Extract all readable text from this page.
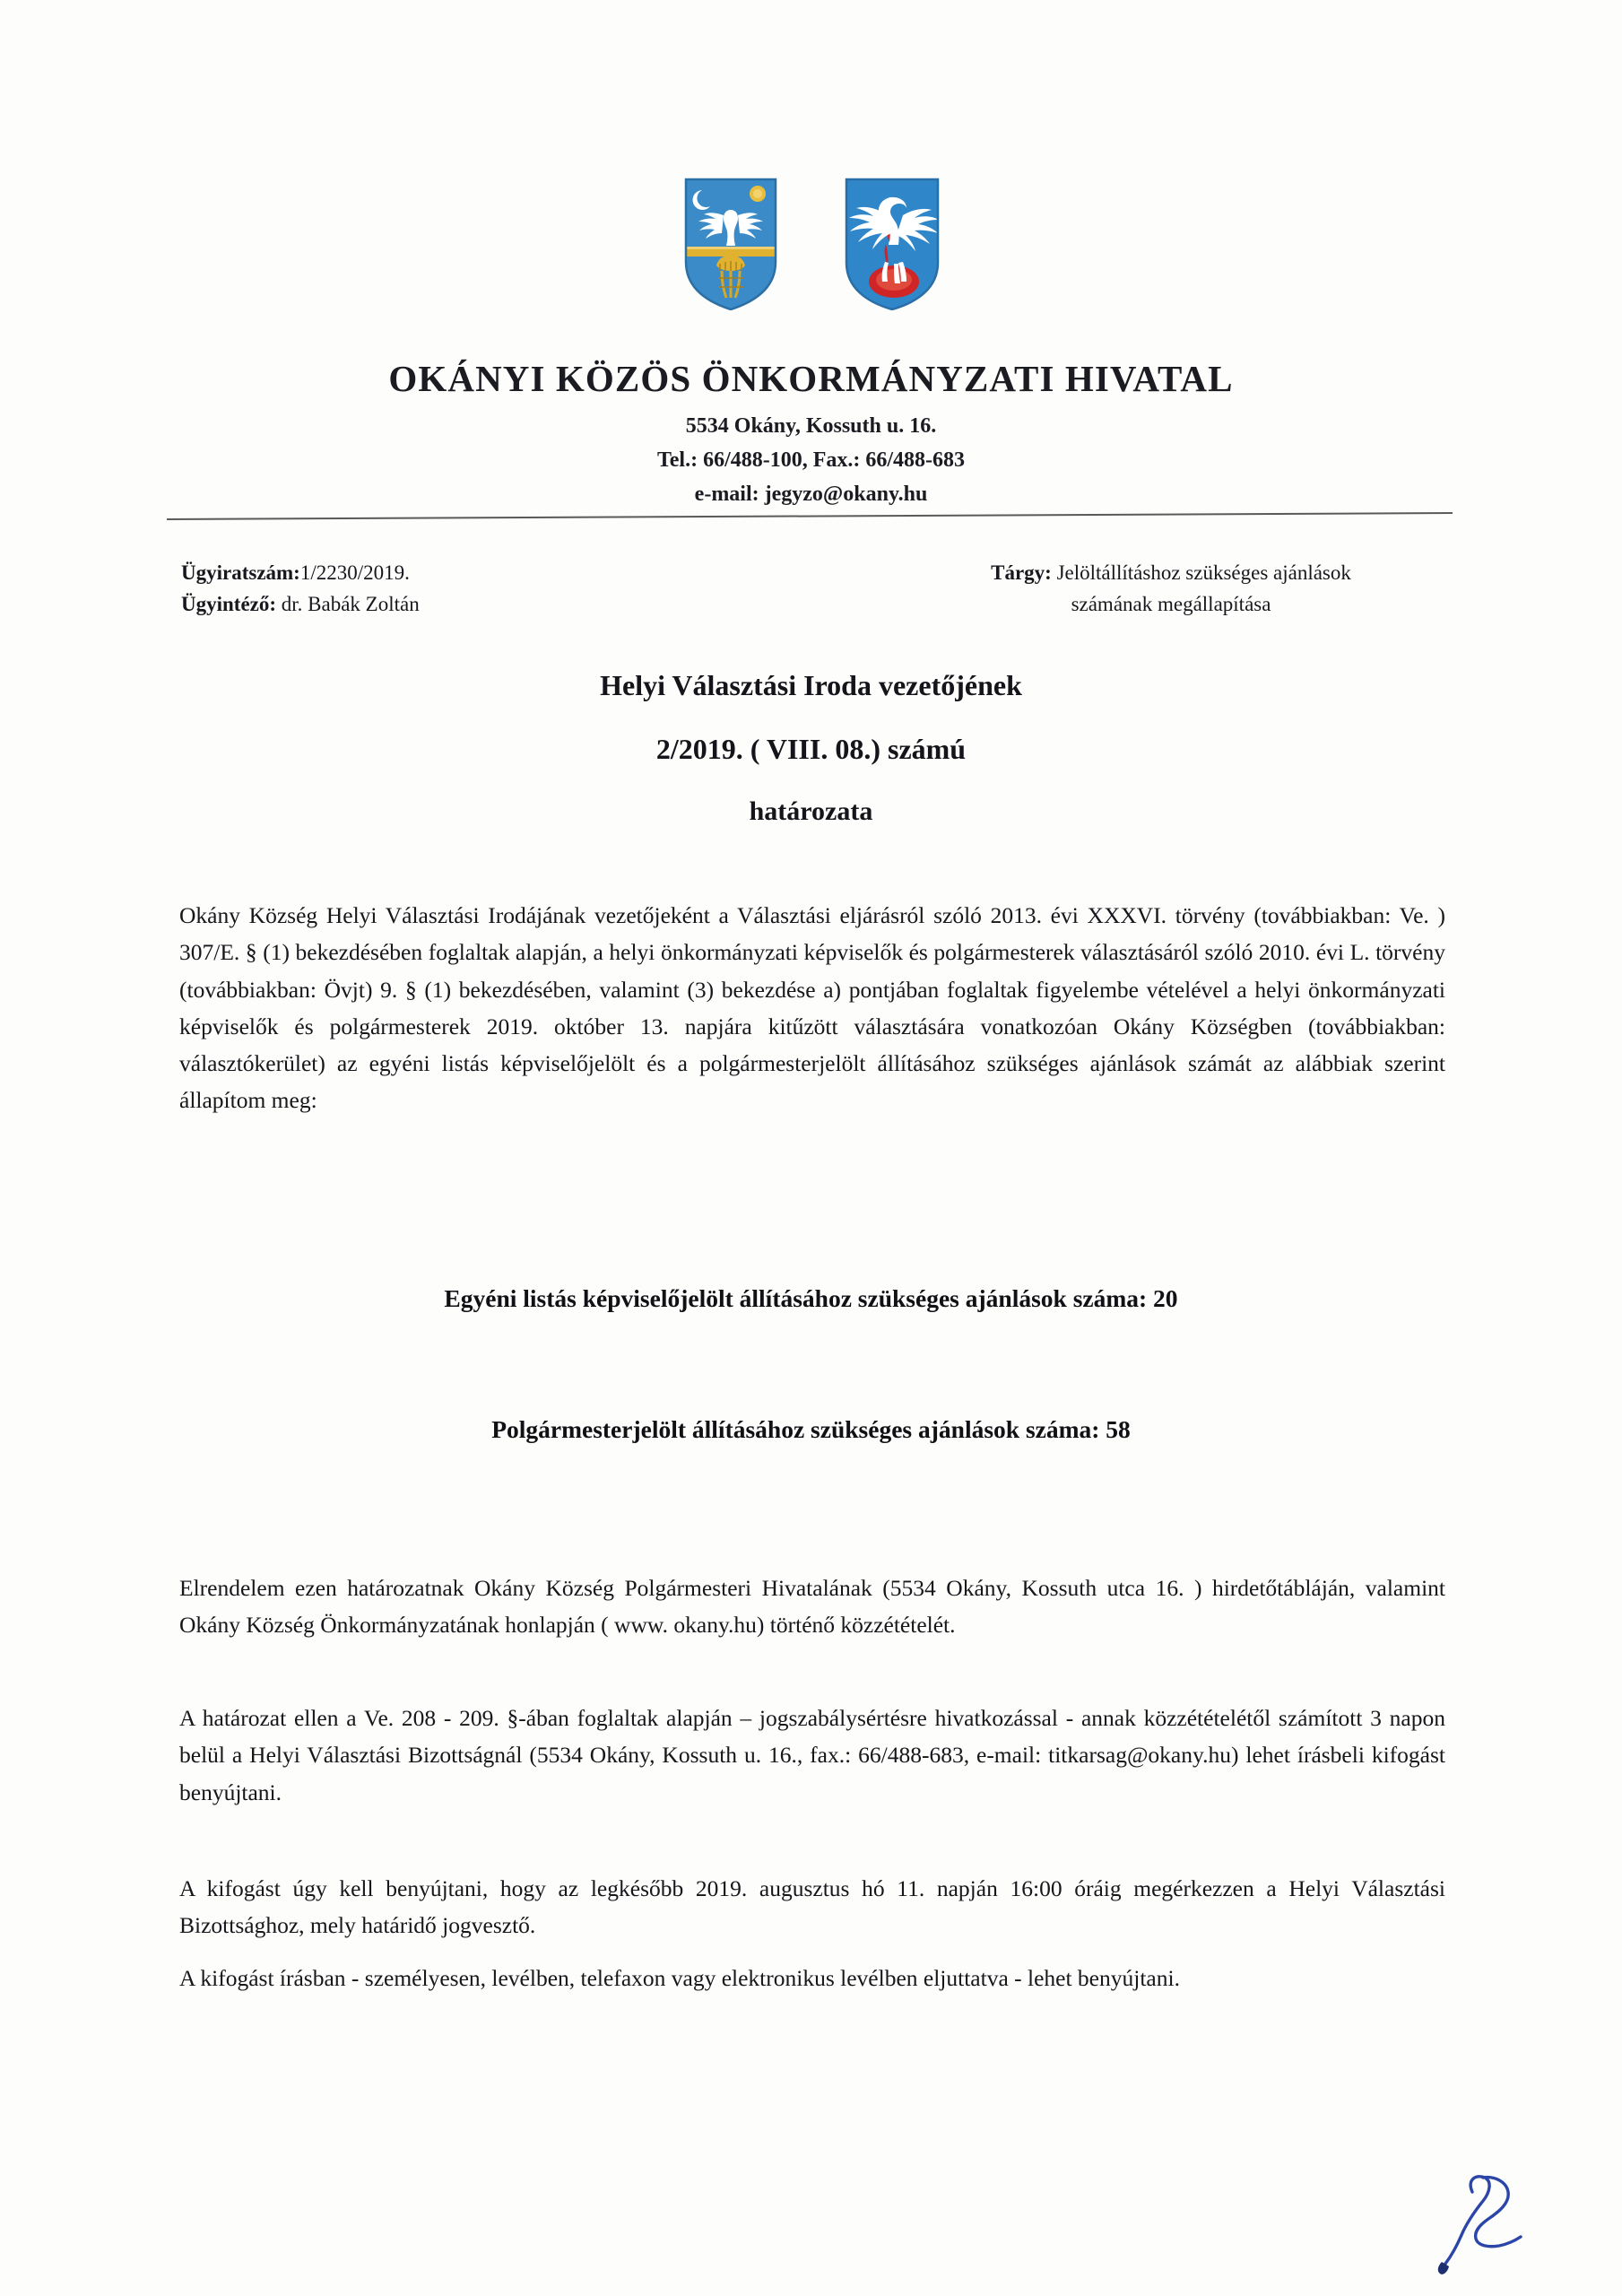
OKÁNYI KÖZÖS ÖNKORMÁNYZATI HIVATAL
5534 Okány, Kossuth u. 16.
Tel.: 66/488-100, Fax.: 66/488-683
e-mail: jegyzo@okany.hu
Ügyiratszám:1/2230/2019.
Ügyintéző: dr. Babák Zoltán
Tárgy: Jelöltállításhoz szükséges ajánlások
számának megállapítása
Helyi Választási Iroda vezetőjének
2/2019. ( VIII. 08.) számú
határozata
Okány Község Helyi Választási Irodájának vezetőjeként a Választási eljárásról szóló 2013. évi XXXVI. törvény (továbbiakban: Ve. ) 307/E. § (1) bekezdésében foglaltak alapján, a helyi önkormányzati képviselők és polgármesterek választásáról szóló 2010. évi L. törvény (továbbiakban: Övjt) 9. § (1) bekezdésében, valamint (3) bekezdése a) pontjában foglaltak figyelembe vételével a helyi önkormányzati képviselők és polgármesterek 2019. október 13. napjára kitűzött választására vonatkozóan Okány Községben (továbbiakban: választókerület) az egyéni listás képviselőjelölt és a polgármesterjelölt állításához szükséges ajánlások számát az alábbiak szerint állapítom meg:
Egyéni listás képviselőjelölt állításához szükséges ajánlások száma: 20
Polgármesterjelölt állításához szükséges ajánlások száma: 58
Elrendelem ezen határozatnak Okány Község Polgármesteri Hivatalának (5534 Okány, Kossuth utca 16. ) hirdetőtábláján, valamint Okány Község Önkormányzatának honlapján ( www. okany.hu) történő közzétételét.
A határozat ellen a Ve. 208 - 209. §-ában foglaltak alapján – jogszabálysértésre hivatkozással - annak közzétételétől számított 3 napon belül a Helyi Választási Bizottságnál (5534 Okány, Kossuth u. 16., fax.: 66/488-683, e-mail: titkarsag@okany.hu) lehet írásbeli kifogást benyújtani.
A kifogást úgy kell benyújtani, hogy az legkésőbb 2019. augusztus hó 11. napján 16:00 óráig megérkezzen a Helyi Választási Bizottsághoz, mely határidő jogvesztő.
A kifogást írásban - személyesen, levélben, telefaxon vagy elektronikus levélben eljuttatva - lehet benyújtani.
